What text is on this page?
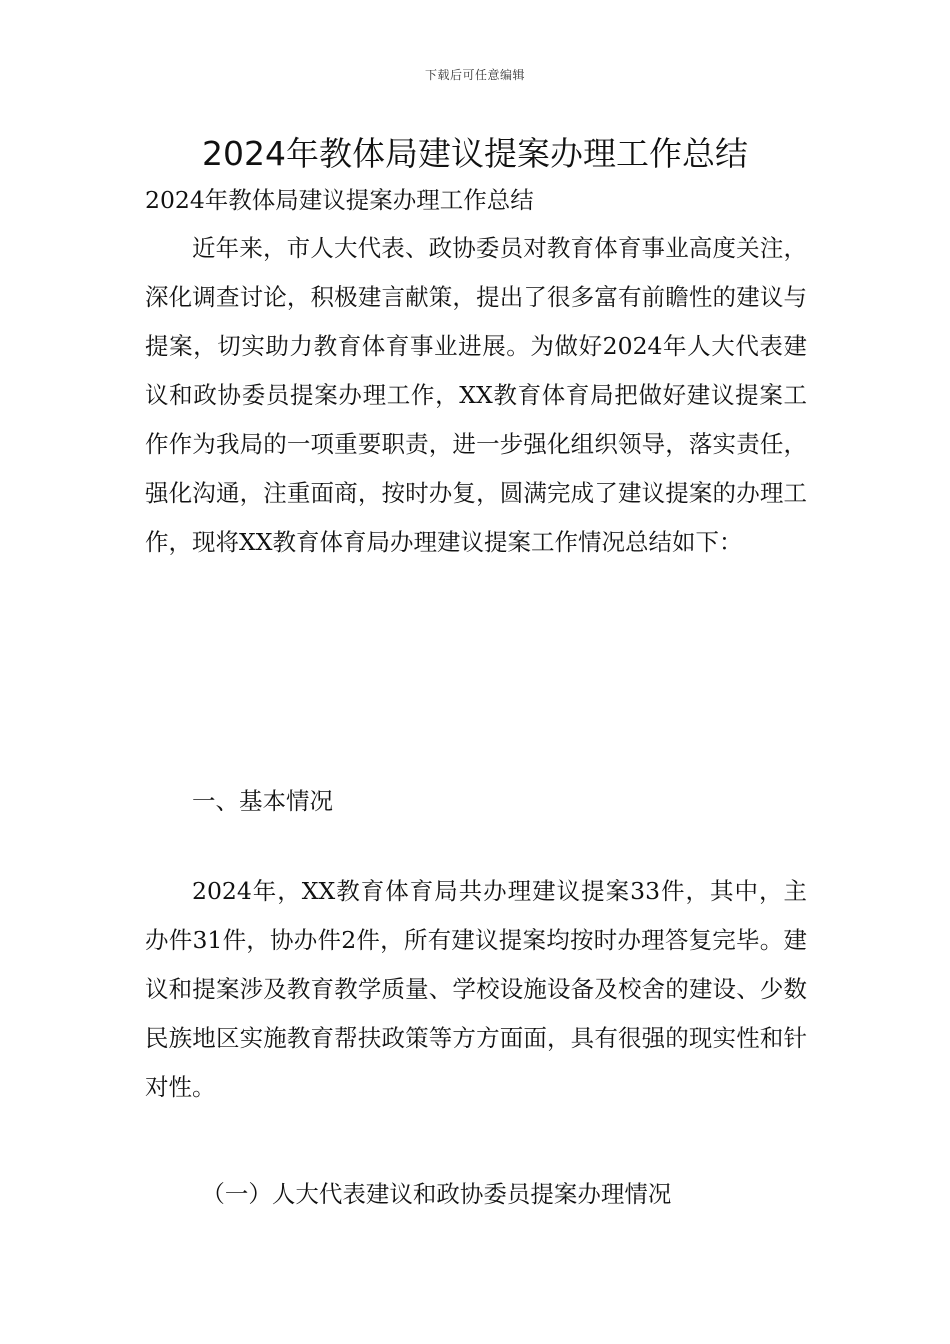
下载后可任意编辑
2024年教体局建议提案办理工作总结

2024年教体局建议提案办理工作总结

近年来，市人大代表、政协委员对教育体育事业高度关注，深化调查讨论，积极建言献策，提出了很多富有前瞻性的建议与提案，切实助力教育体育事业进展。为做好2024年人大代表建议和政协委员提案办理工作，XX教育体育局把做好建议提案工作作为我局的一项重要职责，进一步强化组织领导，落实责任，强化沟通，注重面商，按时办复，圆满完成了建议提案的办理工作，现将XX教育体育局办理建议提案工作情况总结如下：

一、基本情况

2024年，XX教育体育局共办理建议提案33件，其中，主办件31件，协办件2件，所有建议提案均按时办理答复完毕。建议和提案涉及教育教学质量、学校设施设备及校舍的建设、少数民族地区实施教育帮扶政策等方方面面，具有很强的现实性和针对性。

（一）人大代表建议和政协委员提案办理情况
